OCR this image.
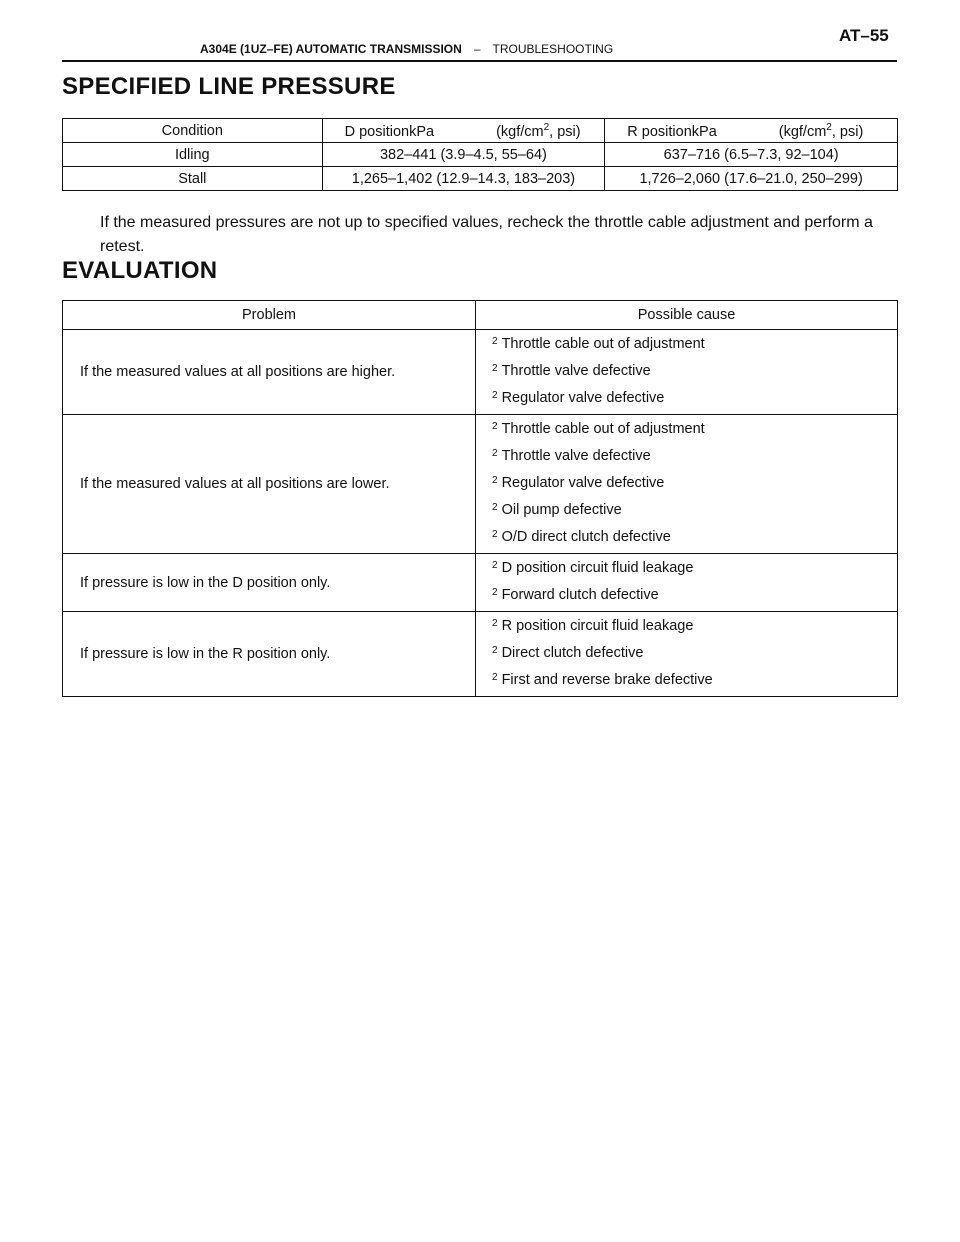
A304E (1UZ–FE) AUTOMATIC TRANSMISSION – TROUBLESHOOTING
AT–55
SPECIFIED LINE PRESSURE
Condition	D positionkPa ($kgf/cm^2$, psi)	R positionkPa ($kgf/cm^2$, psi)
Idling	382–441 (3.9–4.5, 55–64)	637–716 (6.5–7.3, 92–104)
Stall	1,265–1,402 (12.9–14.3, 183–203)	1,726–2,060 (17.6–21.0, 250–299)

If the measured pressures are not up to specified values, recheck the throttle cable adjustment and perform a retest.

EVALUATION
Problem	Possible cause
If the measured values at all positions are higher.	$^2$ Throttle cable out of adjustment
$^2$ Throttle valve defective
$^2$ Regulator valve defective

If the measured values at all positions are lower.	$^2$ Throttle cable out of adjustment
$^2$ Throttle valve defective
$^2$ Regulator valve defective
$^2$ Oil pump defective
$^2$ O/D direct clutch defective

If pressure is low in the D position only.	$^2$ D position circuit fluid leakage
$^2$ Forward clutch defective

If pressure is low in the R position only.	$^2$ R position circuit fluid leakage
$^2$ Direct clutch defective
$^2$ First and reverse brake defective
